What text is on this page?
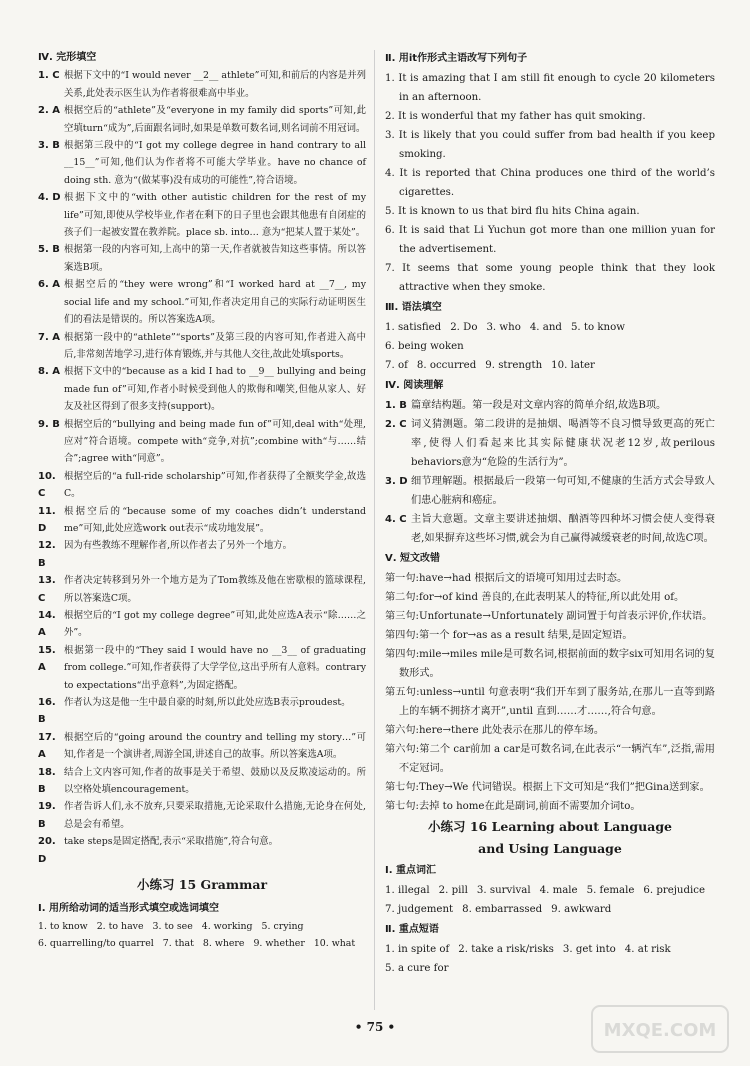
Ⅳ. 完形填空
1. C 根据下文中的“I would never __2__ athlete”可知,和前后的内容是并列关系,此处表示医生认为作者将很难高中毕业。
2. A 根据空后的“athlete”及“everyone in my family did sports”可知,此空填turn“成为”,后面跟名词时,如果是单数可数名词,则名词前不用冠词。
3. B 根据第三段中的“I got my college degree in hand contrary to all __15__”可知,他们认为作者将不可能大学毕业。have no chance of doing sth. 意为“(做某事)没有成功的可能性”,符合语境。
4. D 根据下文中的“with other autistic children for the rest of my life”可知,即使从学校毕业,作者在剩下的日子里也会跟其他患有自闭症的孩子们一起被安置在教养院。place sb. into… 意为“把某人置于某处”。
5. B 根据第一段的内容可知,上高中的第一天,作者就被告知这些事情。所以答案选B项。
6. A 根据空后的“they were wrong”和“I worked hard at __7__, my social life and my school.”可知,作者决定用自己的实际行动证明医生们的看法是错误的。所以答案选A项。
7. A 根据第一段中的“athlete”“sports”及第三段的内容可知,作者进入高中后,非常刻苦地学习,进行体育锻炼,并与其他人交往,故此处填sports。
8. A 根据下文中的“because as a kid I had to __9__ bullying and being made fun of”可知,作者小时候受到他人的欺侮和嘲笑,但他从家人、好友及社区得到了很多支持(support)。
9. B 根据空后的“bullying and being made fun of”可知,deal with“处理,应对”符合语境。compete with“竞争,对抗”;combine with“与……结合”;agree with“同意”。
10. C
根据空后的“a full-ride scholarship”可知,作者获得了全额奖学金,故选C。
11. D
根据空后的“because some of my coaches didn’t understand me”可知,此处应选work out表示“成功地发展”。
12. B
因为有些教练不理解作者,所以作者去了另外一个地方。
13. C
作者决定转移到另外一个地方是为了Tom教练及他在密歇根的篮球课程,所以答案选C项。
14. A
根据空后的“I got my college degree”可知,此处应选A表示“除……之外”。
15. A
根据第一段中的“They said I would have no __3__ of graduating from college.”可知,作者获得了大学学位,这出乎所有人意料。contrary to expectations“出乎意料”,为固定搭配。
16. B
作者认为这是他一生中最自豪的时刻,所以此处应选B表示proudest。
17. A
根据空后的“going around the country and telling my story…”可知,作者是一个演讲者,周游全国,讲述自己的故事。所以答案选A项。
18. B
结合上文内容可知,作者的故事是关于希望、鼓励以及反欺凌运动的。所以空格处填encouragement。
19. B
作者告诉人们,永不放弃,只要采取措施,无论采取什么措施,无论身在何处,总是会有希望。
20. D
take steps是固定搭配,表示“采取措施”,符合句意。
小练习 15 Grammar
Ⅰ. 用所给动词的适当形式填空或选词填空
1. to know 2. to have 3. to see 4. working 5. crying
6. quarrelling/to quarrel 7. that 8. where 9. whether 10. what
Ⅱ. 用it作形式主语改写下列句子
1. It is amazing that I am still fit enough to cycle 20 kilometers in an afternoon.
2. It is wonderful that my father has quit smoking.
3. It is likely that you could suffer from bad health if you keep smoking.
4. It is reported that China produces one third of the world’s cigarettes.
5. It is known to us that bird flu hits China again.
6. It is said that Li Yuchun got more than one million yuan for the advertisement.
7. It seems that some young people think that they look attractive when they smoke.
Ⅲ. 语法填空
1. satisfied 2. Do 3. who 4. and 5. to know
6. being woken
7. of 8. occurred 9. strength 10. later
Ⅳ. 阅读理解
1. B 篇章结构题。第一段是对文章内容的简单介绍,故选B项。
2. C 词义猜测题。第二段讲的是抽烟、喝酒等不良习惯导致更高的死亡率,使得人们看起来比其实际健康状况老12岁,故perilous behaviors意为“危险的生活行为”。
3. D 细节理解题。根据最后一段第一句可知,不健康的生活方式会导致人们患心脏病和癌症。
4. C 主旨大意题。文章主要讲述抽烟、酗酒等四种坏习惯会使人变得衰老,如果摒弃这些坏习惯,就会为自己赢得减缓衰老的时间,故选C项。
Ⅴ. 短文改错
第一句:have→had 根据后文的语境可知用过去时态。
第二句:for→of kind 善良的,在此表明某人的特征,所以此处用 of。
第三句:Unfortunate→Unfortunately 副词置于句首表示评价,作状语。
第四句:第一个 for→as as a result 结果,是固定短语。
第四句:mile→miles mile是可数名词,根据前面的数字six可知用名词的复数形式。
第五句:unless→until 句意表明“我们开车到了服务站,在那儿一直等到路上的车辆不拥挤才离开”,until 直到……才……,符合句意。
第六句:here→there 此处表示在那儿的停车场。
第六句:第二个 car前加 a car是可数名词,在此表示“一辆汽车”,泛指,需用不定冠词。
第七句:They→We 代词错误。根据上下文可知是“我们”把Gina送到家。
第七句:去掉 to home在此是副词,前面不需要加介词to。
小练习 16 Learning about Language
and Using Language
Ⅰ. 重点词汇
1. illegal 2. pill 3. survival 4. male 5. female 6. prejudice
7. judgement 8. embarrassed 9. awkward
Ⅱ. 重点短语
1. in spite of 2. take a risk/risks 3. get into 4. at risk
5. a cure for
• 75 •	MXQE.COM
